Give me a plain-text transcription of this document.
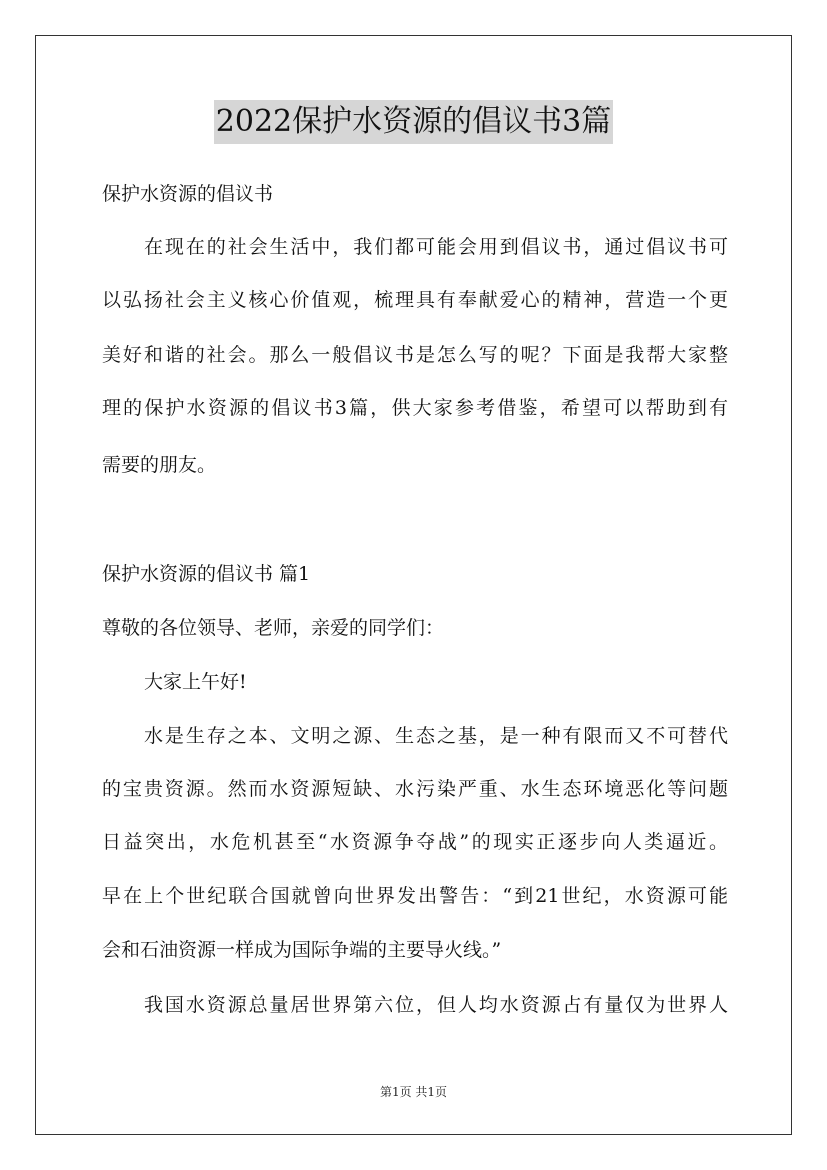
2022保护水资源的倡议书3篇
保护水资源的倡议书
在现在的社会生活中，我们都可能会用到倡议书，通过倡议书可
以弘扬社会主义核心价值观，梳理具有奉献爱心的精神，营造一个更
美好和谐的社会。那么一般倡议书是怎么写的呢？下面是我帮大家整
理的保护水资源的倡议书3篇，供大家参考借鉴，希望可以帮助到有
需要的朋友。
保护水资源的倡议书 篇1
尊敬的各位领导、老师，亲爱的同学们：
大家上午好!
水是生存之本、文明之源、生态之基，是一种有限而又不可替代
的宝贵资源。然而水资源短缺、水污染严重、水生态环境恶化等问题
日益突出，水危机甚至“水资源争夺战”的现实正逐步向人类逼近。
早在上个世纪联合国就曾向世界发出警告：“到21世纪，水资源可能
会和石油资源一样成为国际争端的主要导火线。”
我国水资源总量居世界第六位，但人均水资源占有量仅为世界人
第1页 共1页
